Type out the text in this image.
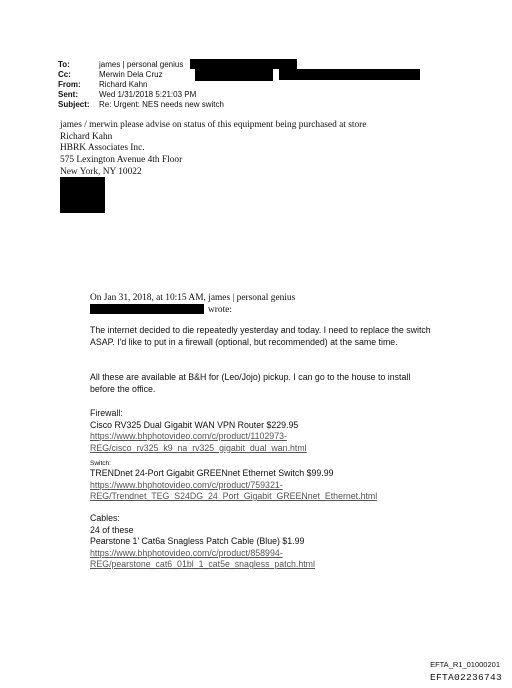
To:	james | personal genius
Cc:	Merwin Dela Cruz
From:	Richard Kahn
Sent:	Wed 1/31/2018 5:21:03 PM
Subject:	Re: Urgent: NES needs new switch

james / merwin please advise on status of this equipment being purchased at store

Richard Kahn

HBRK Associates Inc.

575 Lexington Avenue 4th Floor

New York, NY 10022

On Jan 31, 2018, at 10:15 AM, james | personal genius

wrote:

The internet decided to die repeatedly yesterday and today. I need to replace the switch ASAP. I'd like to put in a firewall (optional, but recommended) at the same time.
All these are available at B&H for (Leo/Jojo) pickup. I can go to the house to install before the office.

Firewall:

Cisco RV325 Dual Gigabit WAN VPN Router $229.95

https://www.bhphotovideo.com/c/product/1102973-

REG/cisco_rv325_k9_na_rv325_gigabit_dual_wan.html

Switch:

TRENDnet 24-Port Gigabit GREENnet Ethernet Switch $99.99

https://www.bhphotovideo.com/c/product/759321-

REG/Trendnet_TEG_S24DG_24_Port_Gigabit_GREENnet_Ethernet.html

Cables:

24 of these

Pearstone 1' Cat6a Snagless Patch Cable (Blue) $1.99

https://www.bhphotovideo.com/c/product/858994-

REG/pearstone_cat6_01bl_1_cat5e_snagless_patch.html

EFTA_R1_01000201
EFTA02236743
